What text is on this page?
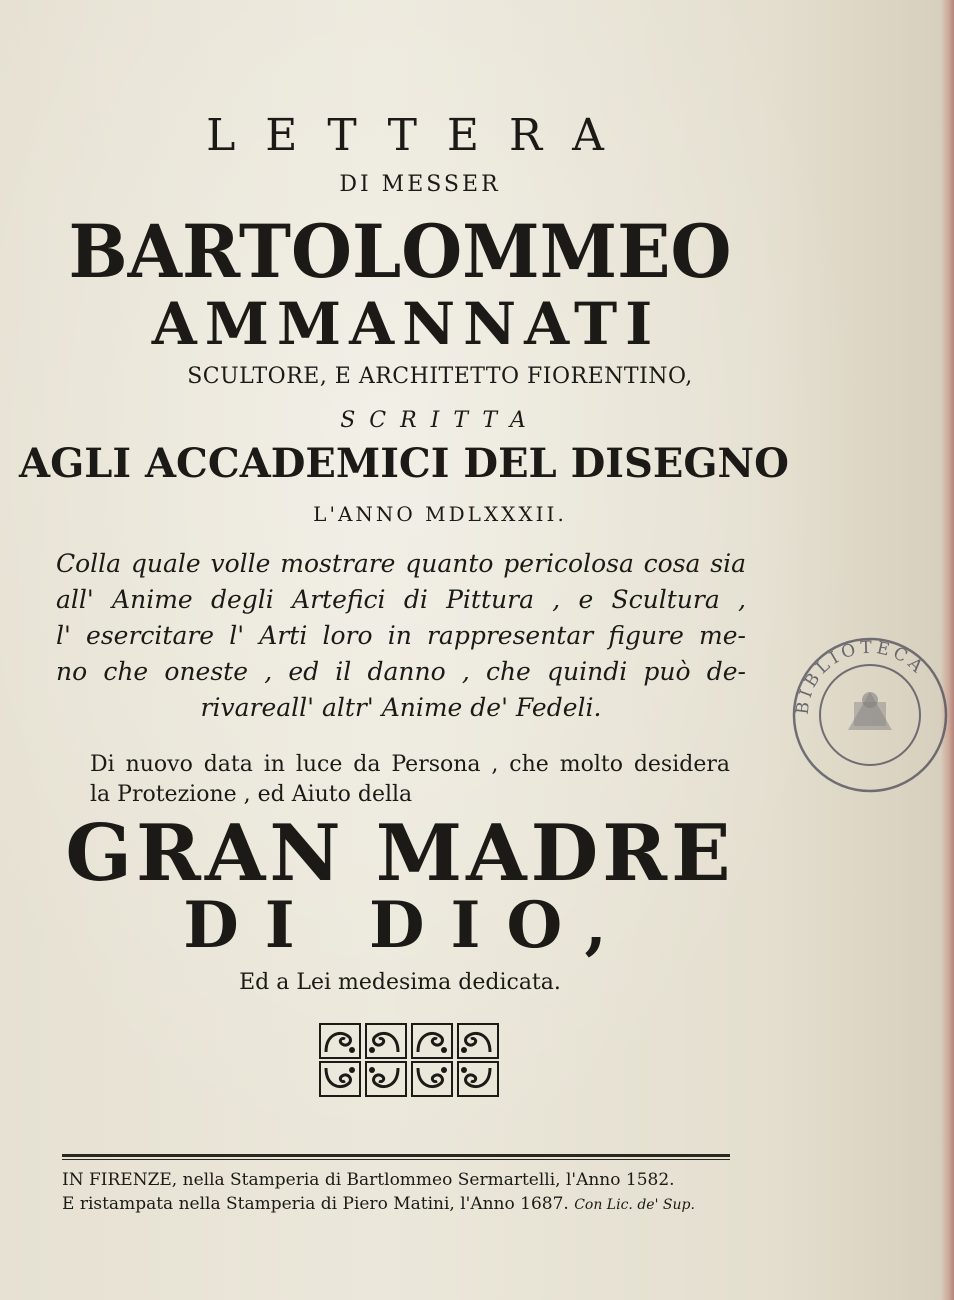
LETTERA
DI MESSER
BARTOLOMMEO
AMMANNATI
SCULTORE, E ARCHITETTO FIORENTINO,
SCRITTA
AGLI ACCADEMICI DEL DISEGNO
L'ANNO MDLXXXII.
Colla quale volle mostrare quanto pericolosa cosa sia
all' Anime degli Artefici di Pittura , e Scultura ,
l' esercitare l' Arti loro in rappresentar figure me-
no che oneste , ed il danno , che quindi può de-
rivareall' altr' Anime de' Fedeli.
Di nuovo data in luce da Persona , che molto desidera
la Protezione , ed Aiuto della
GRAN MADRE
DI DIO,
Ed a Lei medesima dedicata.
IN FIRENZE, nella Stamperia di Bartlommeo Sermartelli, l'Anno 1582.
E ristampata nella Stamperia di Piero Matini, l'Anno 1687. Con Lic. de' Sup.
BIBLIOTECA
